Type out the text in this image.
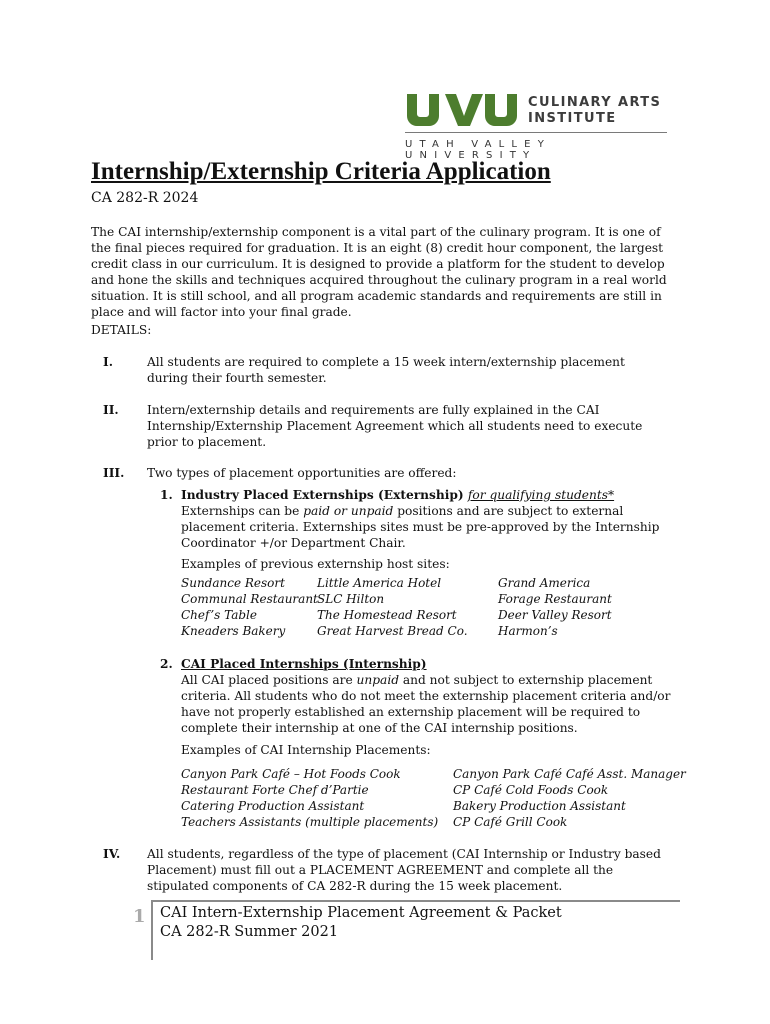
CULINARY ARTS
INSTITUTE
UTAH VALLEY UNIVERSITY
Internship/Externship Criteria Application
CA 282-R 2024

The CAI internship/externship component is a vital part of the culinary program. It is one of the final pieces required for graduation. It is an eight (8) credit hour component, the largest credit class in our curriculum. It is designed to provide a platform for the student to develop and hone the skills and techniques acquired throughout the culinary program in a real world situation. It is still school, and all program academic standards and requirements are still in place and will factor into your final grade.

DETAILS:
I.	All students are required to complete a 15 week intern/externship placement during their fourth semester.
II. Intern/externship details and requirements are fully explained in the CAI Internship/Externship Placement Agreement which all students need to execute prior to placement.
III. Two types of placement opportunities are offered:
1. Industry Placed Externships (Externship) for qualifying students*
Externships can be paid or unpaid positions and are subject to external placement criteria. Externships sites must be pre-approved by the Internship Coordinator +/or Department Chair.
Examples of previous externship host sites:
Sundance Resort
Communal Restaurant
Chef’s Table
Kneaders Bakery
Little America Hotel
SLC Hilton
The Homestead Resort
Great Harvest Bread Co.
Grand America
Forage Restaurant
Deer Valley Resort
Harmon’s
2. CAI Placed Internships (Internship)
All CAI placed positions are unpaid and not subject to externship placement criteria. All students who do not meet the externship placement criteria and/or have not properly established an externship placement will be required to complete their internship at one of the CAI internship positions.
Examples of CAI Internship Placements:
Canyon Park Café – Hot Foods Cook
Restaurant Forte Chef d’Partie
Catering Production Assistant
Teachers Assistants (multiple placements)
Canyon Park Café Café Asst. Manager
CP Café Cold Foods Cook
Bakery Production Assistant
CP Café Grill Cook
IV. All students, regardless of the type of placement (CAI Internship or Industry based Placement) must fill out a PLACEMENT AGREEMENT and complete all the stipulated components of CA 282-R during the 15 week placement.
1 CAI Intern-Externship Placement Agreement & Packet
CA 282-R Summer 2021
